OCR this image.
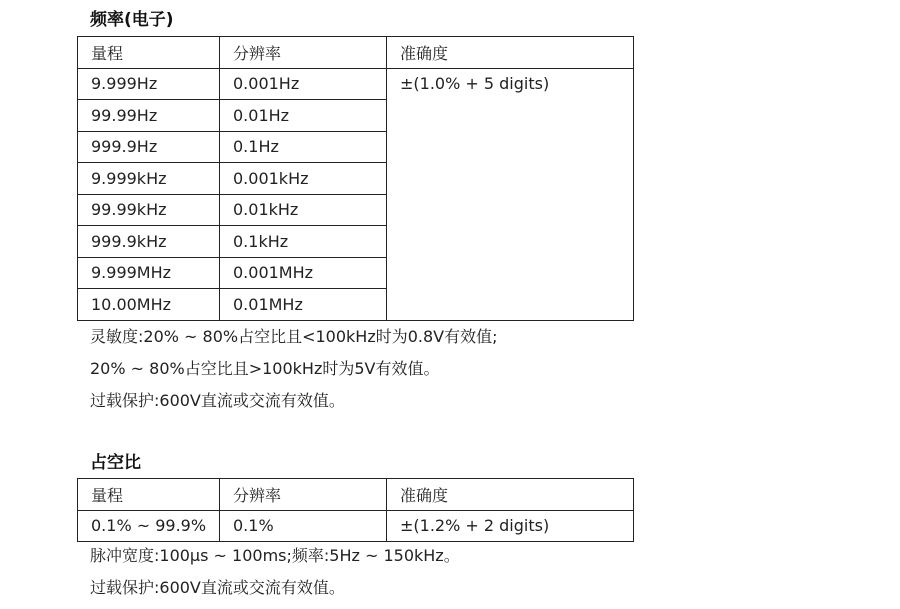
频率(电子)
量程	分辨率	准确度
9.999Hz	0.001Hz	±(1.0% + 5 digits)
99.99Hz	0.01Hz	
999.9Hz	0.1Hz	
9.999kHz	0.001kHz	
99.99kHz	0.01kHz	
999.9kHz	0.1kHz	
9.999MHz	0.001MHz	
10.00MHz	0.01MHz	
灵敏度:20% ~ 80%占空比且<100kHz时为0.8V有效值;
20% ~ 80%占空比且>100kHz时为5V有效值。
过载保护:600V直流或交流有效值。
占空比
量程	分辨率	准确度
0.1% ~ 99.9%	0.1%	±(1.2% + 2 digits)
脉冲宽度:100μs ~ 100ms;频率:5Hz ~ 150kHz。
过载保护:600V直流或交流有效值。
